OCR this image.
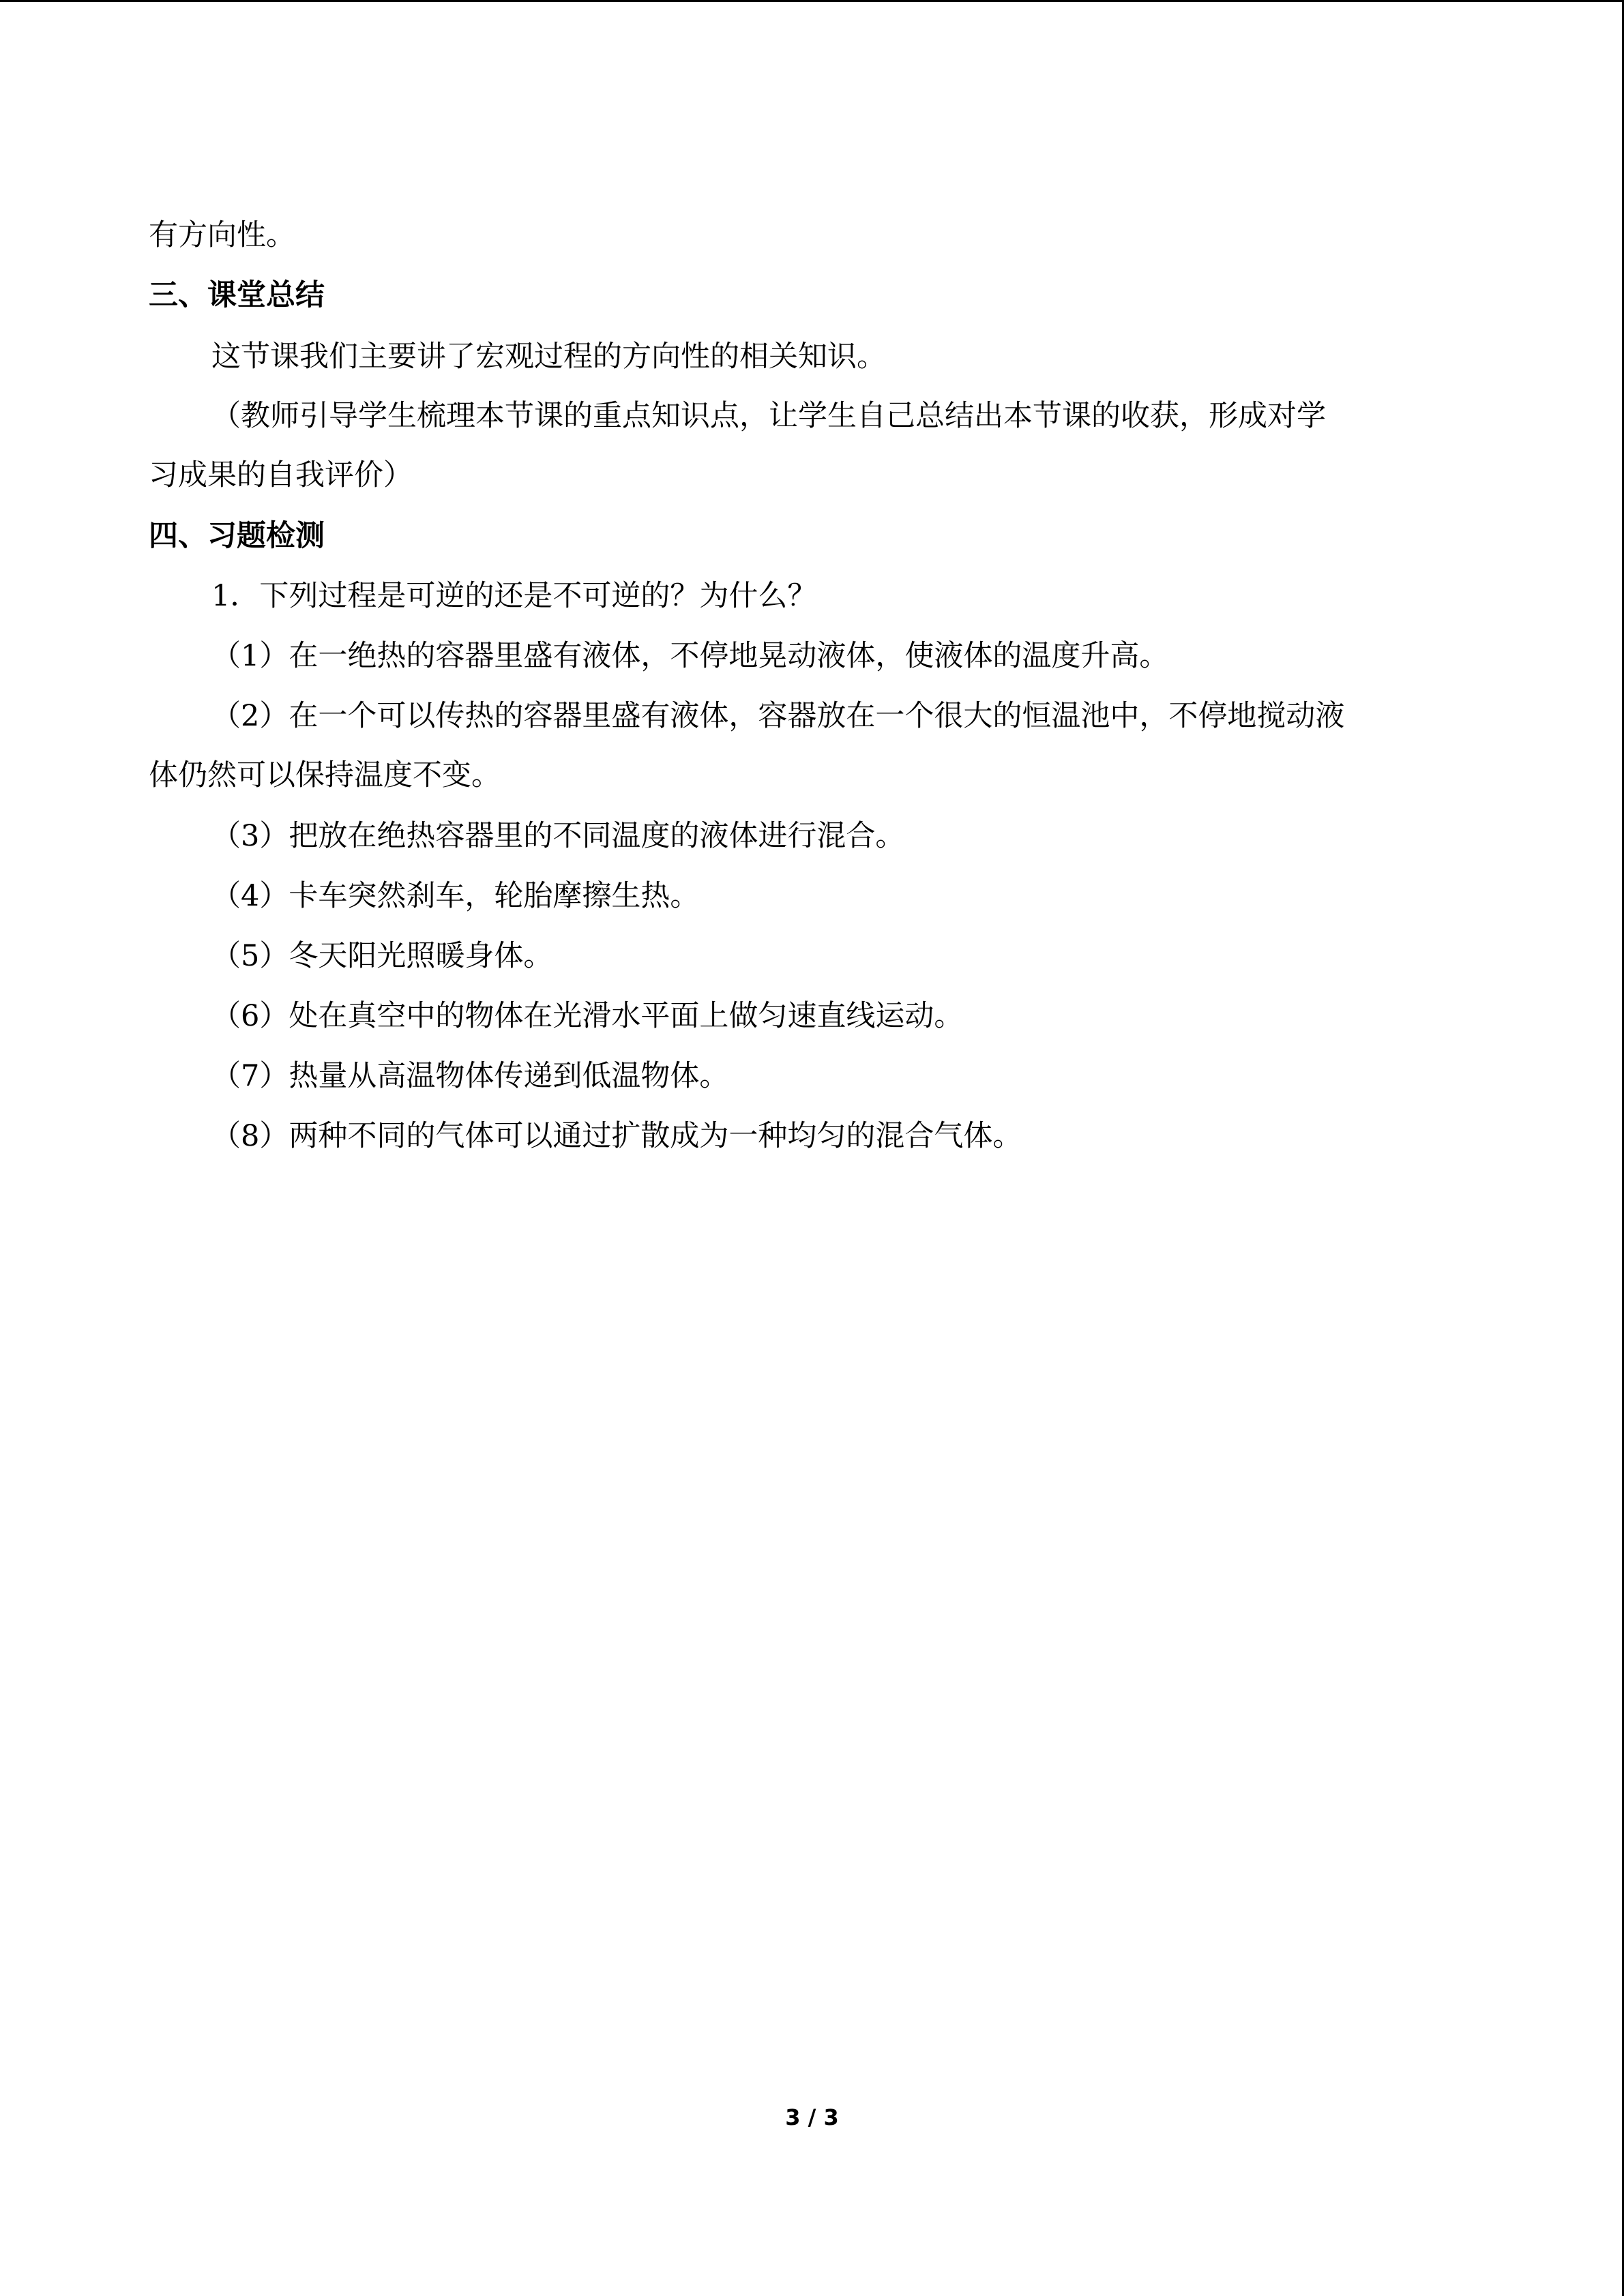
有方向性。
三、课堂总结
这节课我们主要讲了宏观过程的方向性的相关知识。
（教师引导学生梳理本节课的重点知识点，让学生自己总结出本节课的收获，形成对学
习成果的自我评价）
四、习题检测
1．下列过程是可逆的还是不可逆的？为什么？
（1）在一绝热的容器里盛有液体，不停地晃动液体，使液体的温度升高。
（2）在一个可以传热的容器里盛有液体，容器放在一个很大的恒温池中，不停地搅动液
体仍然可以保持温度不变。
（3）把放在绝热容器里的不同温度的液体进行混合。
（4）卡车突然刹车，轮胎摩擦生热。
（5）冬天阳光照暖身体。
（6）处在真空中的物体在光滑水平面上做匀速直线运动。
（7）热量从高温物体传递到低温物体。
（8）两种不同的气体可以通过扩散成为一种均匀的混合气体。
3 / 3
